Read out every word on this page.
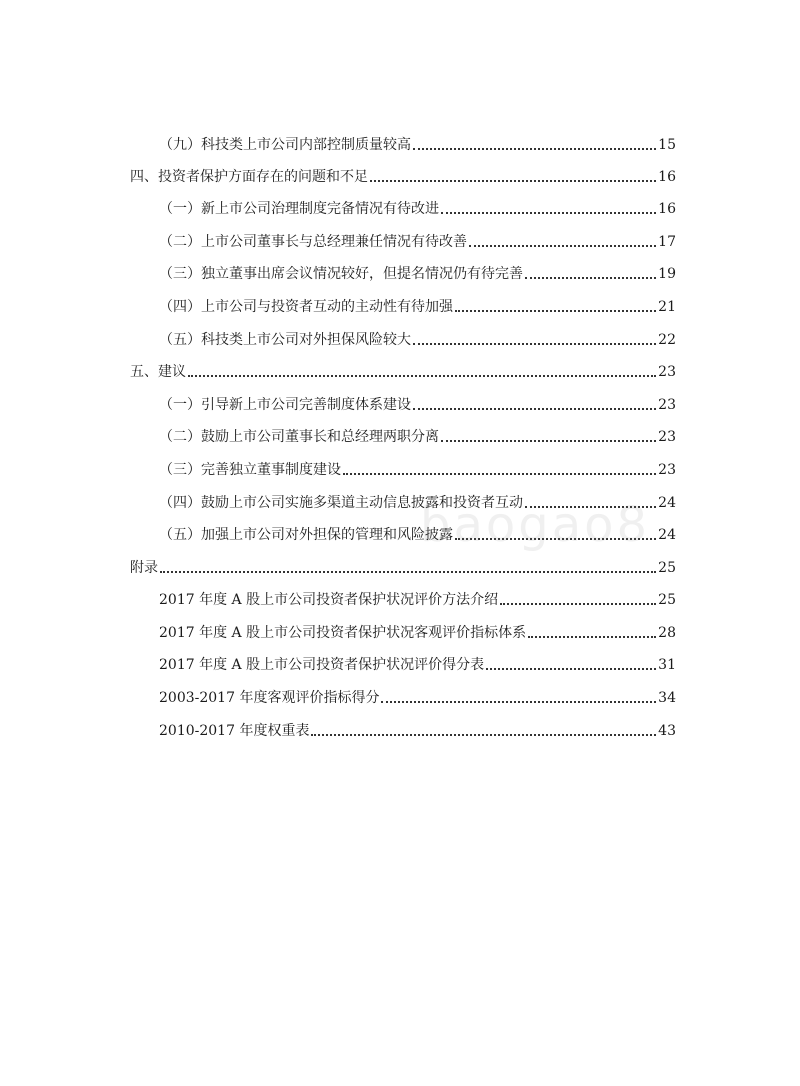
（九）科技类上市公司内部控制质量较高	15
四、投资者保护方面存在的问题和不足	16
（一）新上市公司治理制度完备情况有待改进	16
（二）上市公司董事长与总经理兼任情况有待改善	17
（三）独立董事出席会议情况较好，但提名情况仍有待完善	19
（四）上市公司与投资者互动的主动性有待加强	21
（五）科技类上市公司对外担保风险较大	22
五、建议	23
（一）引导新上市公司完善制度体系建设	23
（二）鼓励上市公司董事长和总经理两职分离	23
（三）完善独立董事制度建设	23
（四）鼓励上市公司实施多渠道主动信息披露和投资者互动	24
（五）加强上市公司对外担保的管理和风险披露	24
附录	25
2017 年度 A 股上市公司投资者保护状况评价方法介绍	25
2017 年度 A 股上市公司投资者保护状况客观评价指标体系	28
2017 年度 A 股上市公司投资者保护状况评价得分表	31
2003-2017 年度客观评价指标得分	34
2010-2017 年度权重表	43
baogao8
